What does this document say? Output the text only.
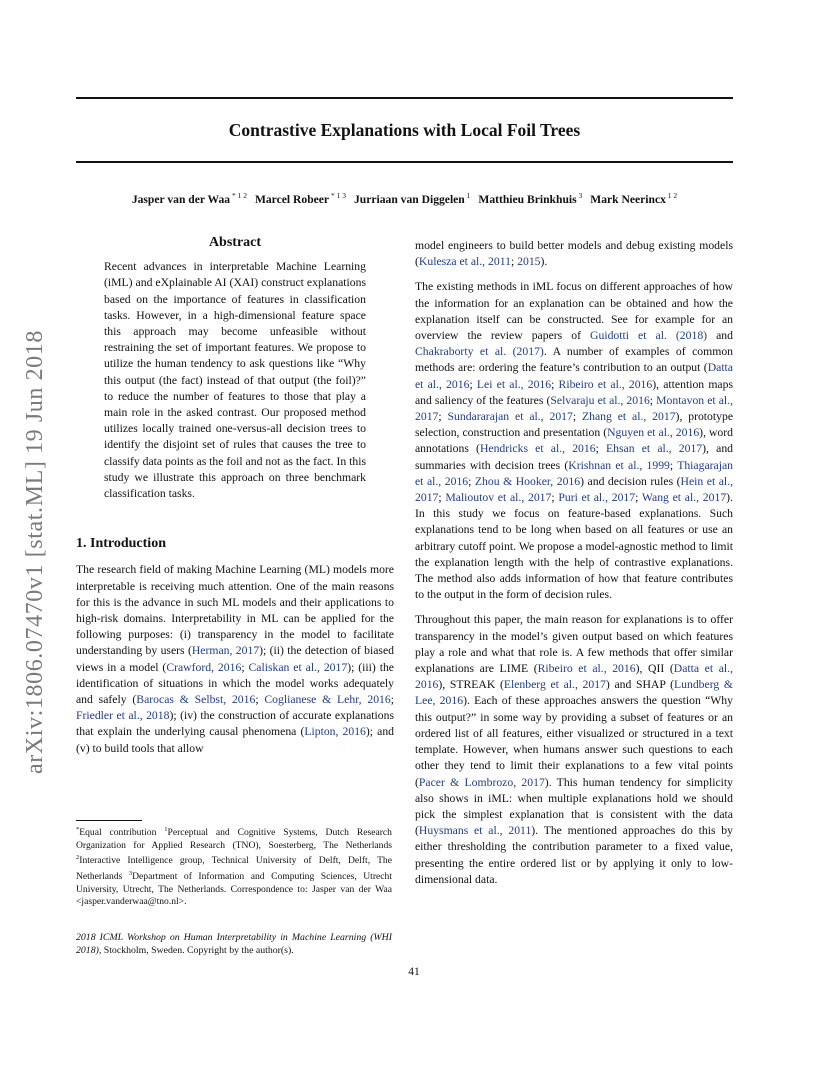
Contrastive Explanations with Local Foil Trees
Jasper van der Waa $^{* 1 2}$ Marcel Robeer $^{* 1 3}$ Jurriaan van Diggelen $^1$ Matthieu Brinkhuis $^3$ Mark Neerincx $^{1 2}$
arXiv:1806.07470v1 [stat.ML] 19 Jun 2018
Abstract

Recent advances in interpretable Machine Learning (iML) and eXplainable AI (XAI) construct explanations based on the importance of features in classification tasks. However, in a high-dimensional feature space this approach may become unfeasible without restraining the set of important features. We propose to utilize the human tendency to ask questions like “Why this output (the fact) instead of that output (the foil)?” to reduce the number of features to those that play a main role in the asked contrast. Our proposed method utilizes locally trained one-versus-all decision trees to identify the disjoint set of rules that causes the tree to classify data points as the foil and not as the fact. In this study we illustrate this approach on three benchmark classification tasks.

1. Introduction

The research field of making Machine Learning (ML) models more interpretable is receiving much attention. One of the main reasons for this is the advance in such ML models and their applications to high-risk domains. Interpretability in ML can be applied for the following purposes: (i) transparency in the model to facilitate understanding by users (Herman, 2017); (ii) the detection of biased views in a model (Crawford, 2016; Caliskan et al., 2017); (iii) the identification of situations in which the model works adequately and safely (Barocas & Selbst, 2016; Coglianese & Lehr, 2016; Friedler et al., 2018); (iv) the construction of accurate explanations that explain the underlying causal phenomena (Lipton, 2016); and (v) to build tools that allow

model engineers to build better models and debug existing models (Kulesza et al., 2011; 2015).

The existing methods in iML focus on different approaches of how the information for an explanation can be obtained and how the explanation itself can be constructed. See for example for an overview the review papers of Guidotti et al. (2018) and Chakraborty et al. (2017). A number of examples of common methods are: ordering the feature’s contribution to an output (Datta et al., 2016; Lei et al., 2016; Ribeiro et al., 2016), attention maps and saliency of the features (Selvaraju et al., 2016; Montavon et al., 2017; Sundararajan et al., 2017; Zhang et al., 2017), prototype selection, construction and presentation (Nguyen et al., 2016), word annotations (Hendricks et al., 2016; Ehsan et al., 2017), and summaries with decision trees (Krishnan et al., 1999; Thiagarajan et al., 2016; Zhou & Hooker, 2016) and decision rules (Hein et al., 2017; Malioutov et al., 2017; Puri et al., 2017; Wang et al., 2017). In this study we focus on feature-based explanations. Such explanations tend to be long when based on all features or use an arbitrary cutoff point. We propose a model-agnostic method to limit the explanation length with the help of contrastive explanations. The method also adds information of how that feature contributes to the output in the form of decision rules.

Throughout this paper, the main reason for explanations is to offer transparency in the model’s given output based on which features play a role and what that role is. A few methods that offer similar explanations are LIME (Ribeiro et al., 2016), QII (Datta et al., 2016), STREAK (Elenberg et al., 2017) and SHAP (Lundberg & Lee, 2016). Each of these approaches answers the question “Why this output?” in some way by providing a subset of features or an ordered list of all features, either visualized or structured in a text template. However, when humans answer such questions to each other they tend to limit their explanations to a few vital points (Pacer & Lombrozo, 2017). This human tendency for simplicity also shows in iML: when multiple explanations hold we should pick the simplest explanation that is consistent with the data (Huysmans et al., 2011). The mentioned approaches do this by either thresholding the contribution parameter to a fixed value, presenting the entire ordered list or by applying it only to low-dimensional data.

*Equal contribution $^1$Perceptual and Cognitive Systems, Dutch Research Organization for Applied Research (TNO), Soesterberg, The Netherlands $^2$Interactive Intelligence group, Technical University of Delft, Delft, The Netherlands $^3$Department of Information and Computing Sciences, Utrecht University, Utrecht, The Netherlands. Correspondence to: Jasper van der Waa <jasper.vanderwaa@tno.nl>.
2018 ICML Workshop on Human Interpretability in Machine Learning (WHI 2018), Stockholm, Sweden. Copyright by the author(s).
41
